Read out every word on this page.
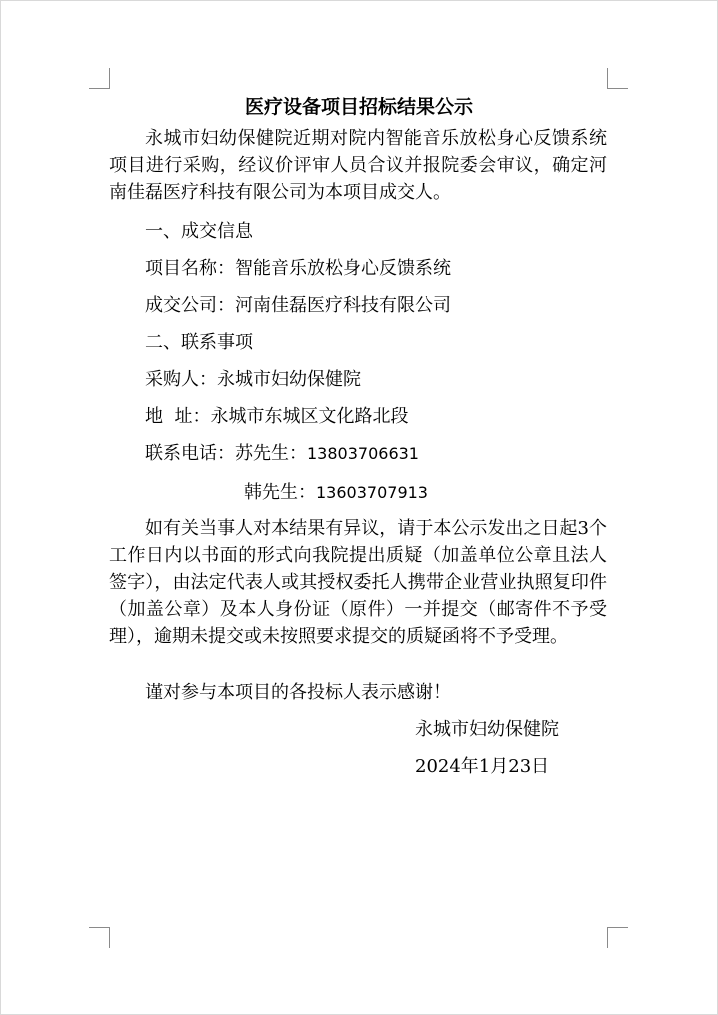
医疗设备项目招标结果公示
永城市妇幼保健院近期对院内智能音乐放松身心反馈系统项目进行采购，经议价评审人员合议并报院委会审议，确定河南佳磊医疗科技有限公司为本项目成交人。
一、成交信息
项目名称：智能音乐放松身心反馈系统
成交公司：河南佳磊医疗科技有限公司
二、联系事项
采购人：永城市妇幼保健院
地  址：永城市东城区文化路北段
联系电话：苏先生：13803706631
韩先生：13603707913
如有关当事人对本结果有异议，请于本公示发出之日起3个工作日内以书面的形式向我院提出质疑（加盖单位公章且法人签字），由法定代表人或其授权委托人携带企业营业执照复印件（加盖公章）及本人身份证（原件）一并提交（邮寄件不予受理），逾期未提交或未按照要求提交的质疑函将不予受理。
谨对参与本项目的各投标人表示感谢！
永城市妇幼保健院
2024年1月23日
